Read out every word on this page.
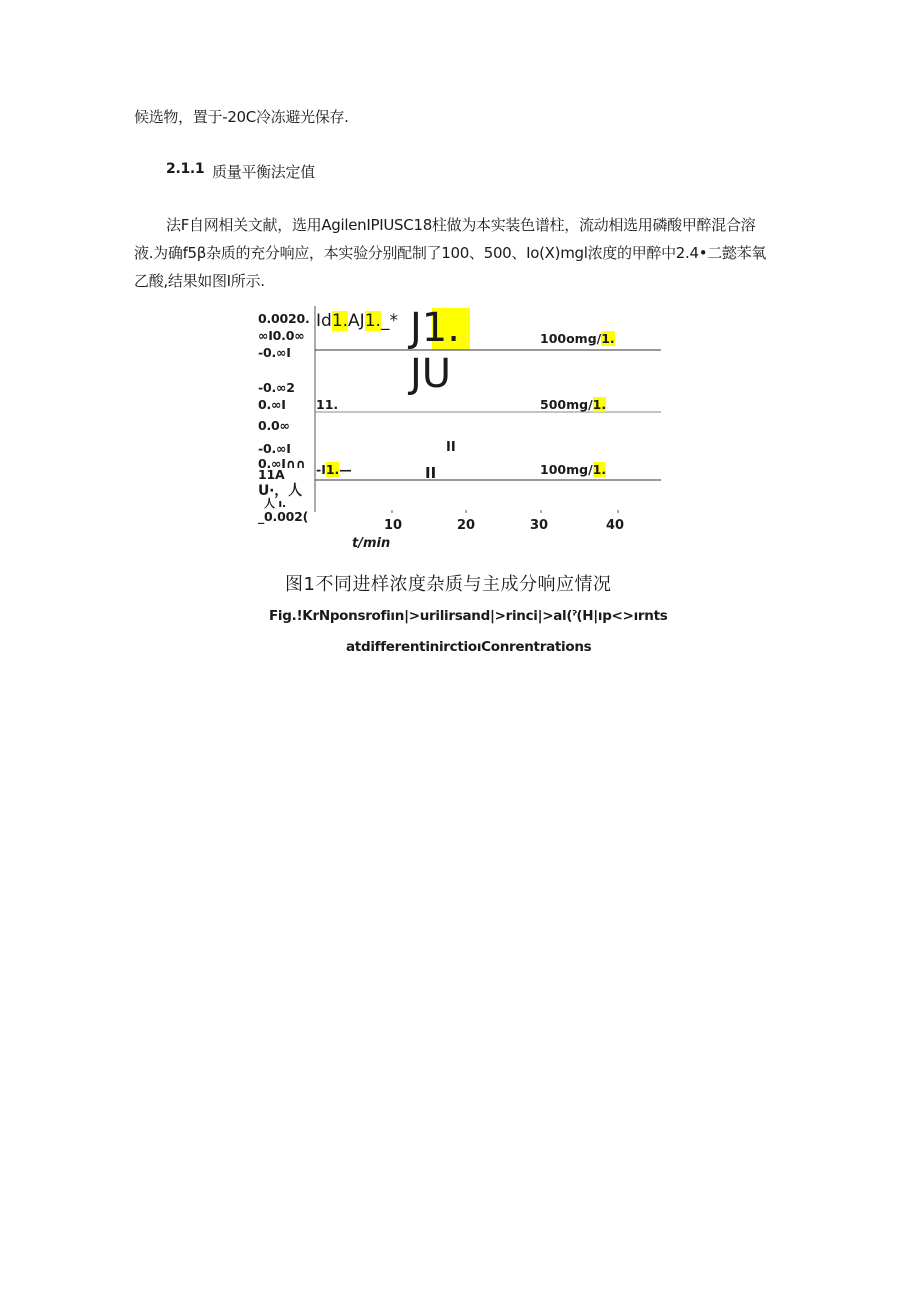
候选物，置于-20C冷冻避光保存.
2.1.1 质量平衡法定值
法F自网相关文献，选用AgilenIPIUSC18柱做为本实装色谱柱，流动相选用磷酸甲醉混合溶
液.为确f5β杂质的充分响应，本实验分别配制了100、500、Io(X)mgl浓度的甲醉中2.4•二懿苯氧
乙酸,结果如图I所示.
0.0020.
∞I0.0∞
-0.∞I
-0.∞2
0.∞I
0.0∞
-0.∞I
0.∞I∩∩
11A
U·，人
人 ı.
_0.002(
Id1.AJ1._* J1.
JU
100omg/1.
500mg/1.
100mg/1.
11.
-I1.—
II
II
10	20	30	40
t/min
图1不同进样浓度杂质与主成分响应情况
Fig.!KrNponsrofiın|>urilirsand|>rinci|>al(ˀ(H|ıp<>ırnts
atdifferentinirctioıConrentrations
